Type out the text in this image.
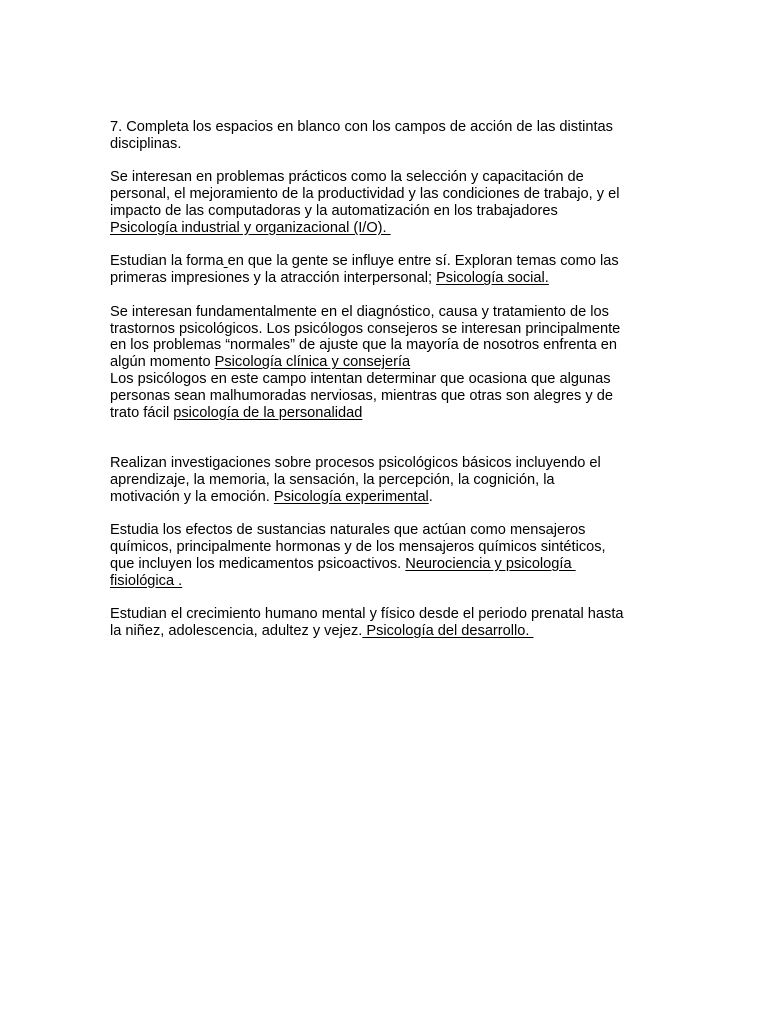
7. Completa los espacios en blanco con los campos de acción de las distintas
disciplinas.
Se interesan en problemas prácticos como la selección y capacitación de
personal, el mejoramiento de la productividad y las condiciones de trabajo, y el
impacto de las computadoras y la automatización en los trabajadores
Psicología industrial y organizacional (I/O).
Estudian la forma en que la gente se influye entre sí. Exploran temas como las
primeras impresiones y la atracción interpersonal; Psicología social.
Se interesan fundamentalmente en el diagnóstico, causa y tratamiento de los
trastornos psicológicos. Los psicólogos consejeros se interesan principalmente
en los problemas “normales” de ajuste que la mayoría de nosotros enfrenta en
algún momento Psicología clínica y consejería
Los psicólogos en este campo intentan determinar que ocasiona que algunas
personas sean malhumoradas nerviosas, mientras que otras son alegres y de
trato fácil psicología de la personalidad
Realizan investigaciones sobre procesos psicológicos básicos incluyendo el
aprendizaje, la memoria, la sensación, la percepción, la cognición, la
motivación y la emoción. Psicología experimental.
Estudia los efectos de sustancias naturales que actúan como mensajeros
químicos, principalmente hormonas y de los mensajeros químicos sintéticos,
que incluyen los medicamentos psicoactivos. Neurociencia y psicología
fisiológica .
Estudian el crecimiento humano mental y físico desde el periodo prenatal hasta
la niñez, adolescencia, adultez y vejez. Psicología del desarrollo.
